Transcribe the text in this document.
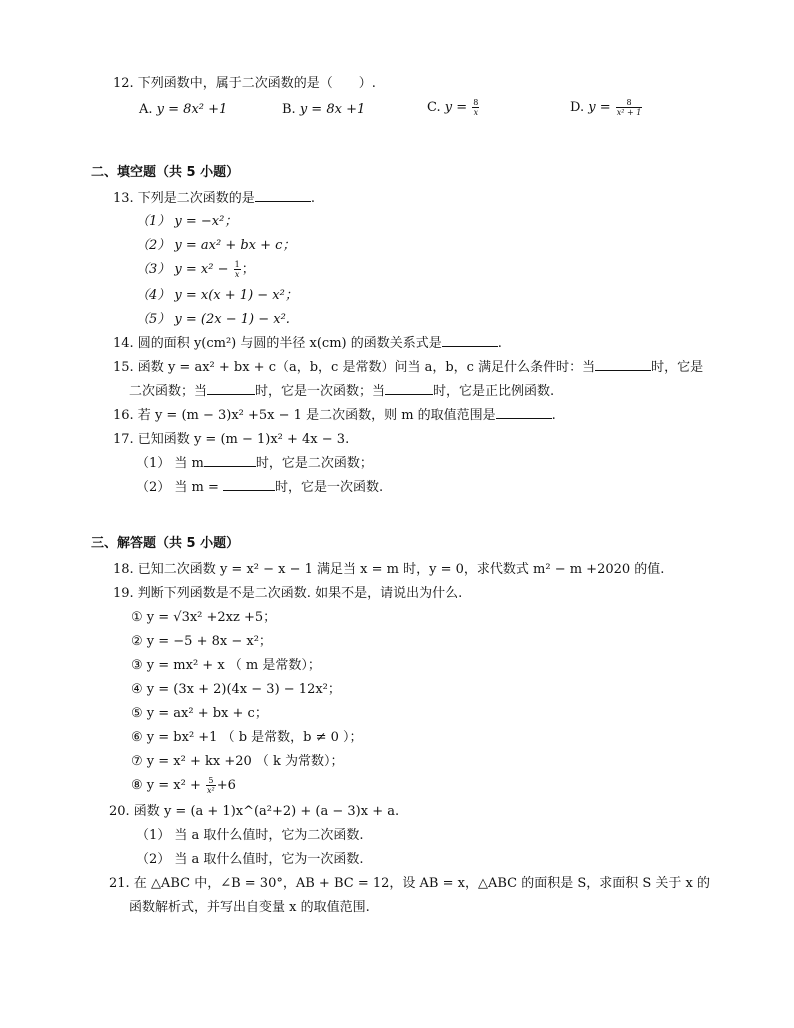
12. 下列函数中，属于二次函数的是（　　）.
A. y = 8x² +1	B. y = 8x +1	C. $y = \frac{8}{x}$	D. $y = \frac{8}{\text{x² + 1}}$
二、填空题（共 5 小题）
13. 下列是二次函数的是	.
（1） y = −x²；
（2） y = ax² + bx + c；
（3） $y = x^2 - \frac{1}{x}$ ；
（4） y = x(x + 1) − x²；
（5） y = (2x − 1) − x².
14. 圆的面积 y(cm²) 与圆的半径 x(cm) 的函数关系式是	.
15. 函数 y = ax² + bx + c（a，b，c 是常数）问当 a，b，c 满足什么条件时：当	时，它是
二次函数；当	时，它是一次函数；当	时，它是正比例函数.
16. 若 y = (m − 3)x² +5x − 1 是二次函数，则 m 的取值范围是	.
17. 已知函数 y = (m − 1)x² + 4x − 3.
（1） 当 m	时，它是二次函数；
（2） 当 m =	时，它是一次函数.
三、解答题（共 5 小题）
18. 已知二次函数 y = x² − x − 1 满足当 x = m 时，y = 0，求代数式 m² − m +2020 的值.
19. 判断下列函数是不是二次函数. 如果不是，请说出为什么.
① y = √3x² +2xz +5；
② y = −5 + 8x − x²；
③ y = mx² + x （ m 是常数）；
④ y = (3x + 2)(4x − 3) − 12x²；
⑤ y = ax² + bx + c；
⑥ y = bx² +1 （ b 是常数，b ≠ 0 ）；
⑦ y = x² + kx +20 （ k 为常数）；
⑧ $y = x^2 + \frac{5}{\text{x²}} +6$
20. 函数 y = (a + 1)x^(a²+2) + (a − 3)x + a.
（1） 当 a 取什么值时，它为二次函数.
（2） 当 a 取什么值时，它为一次函数.
21. 在 △ABC 中，∠B = 30°，AB + BC = 12，设 AB = x，△ABC 的面积是 S，求面积 S 关于 x 的
函数解析式，并写出自变量 x 的取值范围.
